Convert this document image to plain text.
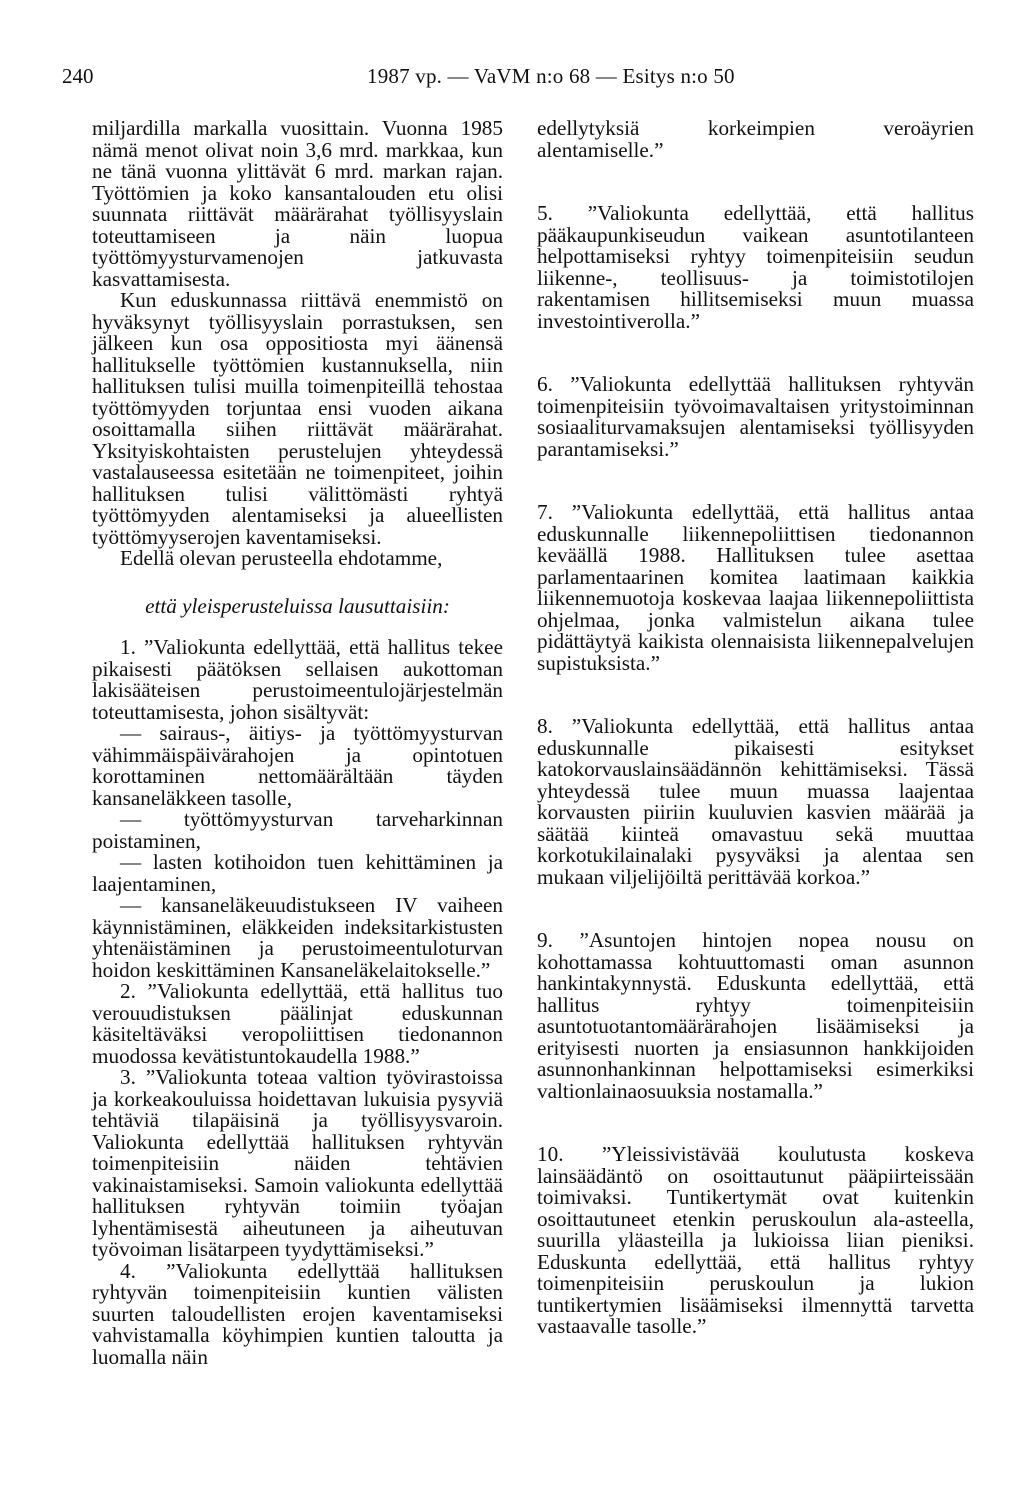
240	1987 vp. — VaVM n:o 68 — Esitys n:o 50

miljardilla markalla vuosittain. Vuonna 1985 nämä menot olivat noin 3,6 mrd. markkaa, kun ne tänä vuonna ylittävät 6 mrd. markan rajan. Työttömien ja koko kansantalouden etu olisi suunnata riittävät määrärahat työllisyyslain toteuttamiseen ja näin luopua työttömyysturvamenojen jatkuvasta kasvattamisesta.

Kun eduskunnassa riittävä enemmistö on hyväksynyt työllisyyslain porrastuksen, sen jälkeen kun osa oppositiosta myi äänensä hallitukselle työttömien kustannuksella, niin hallituksen tulisi muilla toimenpiteillä tehostaa työttömyyden torjuntaa ensi vuoden aikana osoittamalla siihen riittävät määrärahat. Yksityiskohtaisten perustelujen yhteydessä vastalauseessa esitetään ne toimenpiteet, joihin hallituksen tulisi välittömästi ryhtyä työttömyyden alentamiseksi ja alueellisten työttömyyserojen kaventamiseksi.

Edellä olevan perusteella ehdotamme,

että yleisperusteluissa lausuttaisiin:

1. ”Valiokunta edellyttää, että hallitus tekee pikaisesti päätöksen sellaisen aukottoman lakisääteisen perustoimeentulojärjestelmän toteuttamisesta, johon sisältyvät:

— sairaus-, äitiys- ja työttömyysturvan vähimmäispäivärahojen ja opintotuen korottaminen nettomäärältään täyden kansaneläkkeen tasolle,

— työttömyysturvan tarveharkinnan poistaminen,

— lasten kotihoidon tuen kehittäminen ja laajentaminen,

— kansaneläkeuudistukseen IV vaiheen käynnistäminen, eläkkeiden indeksitarkistusten yhtenäistäminen ja perustoimeentuloturvan hoidon keskittäminen Kansaneläkelaitokselle.”

2. ”Valiokunta edellyttää, että hallitus tuo verouudistuksen päälinjat eduskunnan käsiteltäväksi veropoliittisen tiedonannon muodossa kevätistuntokaudella 1988.”

3. ”Valiokunta toteaa valtion työvirastoissa ja korkeakouluissa hoidettavan lukuisia pysyviä tehtäviä tilapäisinä ja työllisyysvaroin. Valiokunta edellyttää hallituksen ryhtyvän toimenpiteisiin näiden tehtävien vakinaistamiseksi. Samoin valiokunta edellyttää hallituksen ryhtyvän toimiin työajan lyhentämisestä aiheutuneen ja aiheutuvan työvoiman lisätarpeen tyydyttämiseksi.”

4. ”Valiokunta edellyttää hallituksen ryhtyvän toimenpiteisiin kuntien välisten suurten taloudellisten erojen kaventamiseksi vahvistamalla köyhimpien kuntien taloutta ja luomalla näin

edellytyksiä korkeimpien veroäyrien alentamiselle.”

5. ”Valiokunta edellyttää, että hallitus pääkaupunkiseudun vaikean asuntotilanteen helpottamiseksi ryhtyy toimenpiteisiin seudun liikenne-, teollisuus- ja toimistotilojen rakentamisen hillitsemiseksi muun muassa investointiverolla.”

6. ”Valiokunta edellyttää hallituksen ryhtyvän toimenpiteisiin työvoimavaltaisen yritystoiminnan sosiaaliturvamaksujen alentamiseksi työllisyyden parantamiseksi.”

7. ”Valiokunta edellyttää, että hallitus antaa eduskunnalle liikennepoliittisen tiedonannon keväällä 1988. Hallituksen tulee asettaa parlamentaarinen komitea laatimaan kaikkia liikennemuotoja koskevaa laajaa liikennepoliittista ohjelmaa, jonka valmistelun aikana tulee pidättäytyä kaikista olennaisista liikennepalvelujen supistuksista.”

8. ”Valiokunta edellyttää, että hallitus antaa eduskunnalle pikaisesti esitykset katokorvauslainsäädännön kehittämiseksi. Tässä yhteydessä tulee muun muassa laajentaa korvausten piiriin kuuluvien kasvien määrää ja säätää kiinteä omavastuu sekä muuttaa korkotukilainalaki pysyväksi ja alentaa sen mukaan viljelijöiltä perittävää korkoa.”

9. ”Asuntojen hintojen nopea nousu on kohottamassa kohtuuttomasti oman asunnon hankintakynnystä. Eduskunta edellyttää, että hallitus ryhtyy toimenpiteisiin asuntotuotantomäärärahojen lisäämiseksi ja erityisesti nuorten ja ensiasunnon hankkijoiden asunnonhankinnan helpottamiseksi esimerkiksi valtionlainaosuuksia nostamalla.”

10. ”Yleissivistävää koulutusta koskeva lainsäädäntö on osoittautunut pääpiirteissään toimivaksi. Tuntikertymät ovat kuitenkin osoittautuneet etenkin peruskoulun ala-asteella, suurilla yläasteilla ja lukioissa liian pieniksi. Eduskunta edellyttää, että hallitus ryhtyy toimenpiteisiin peruskoulun ja lukion tuntikertymien lisäämiseksi ilmennyttä tarvetta vastaavalle tasolle.”
